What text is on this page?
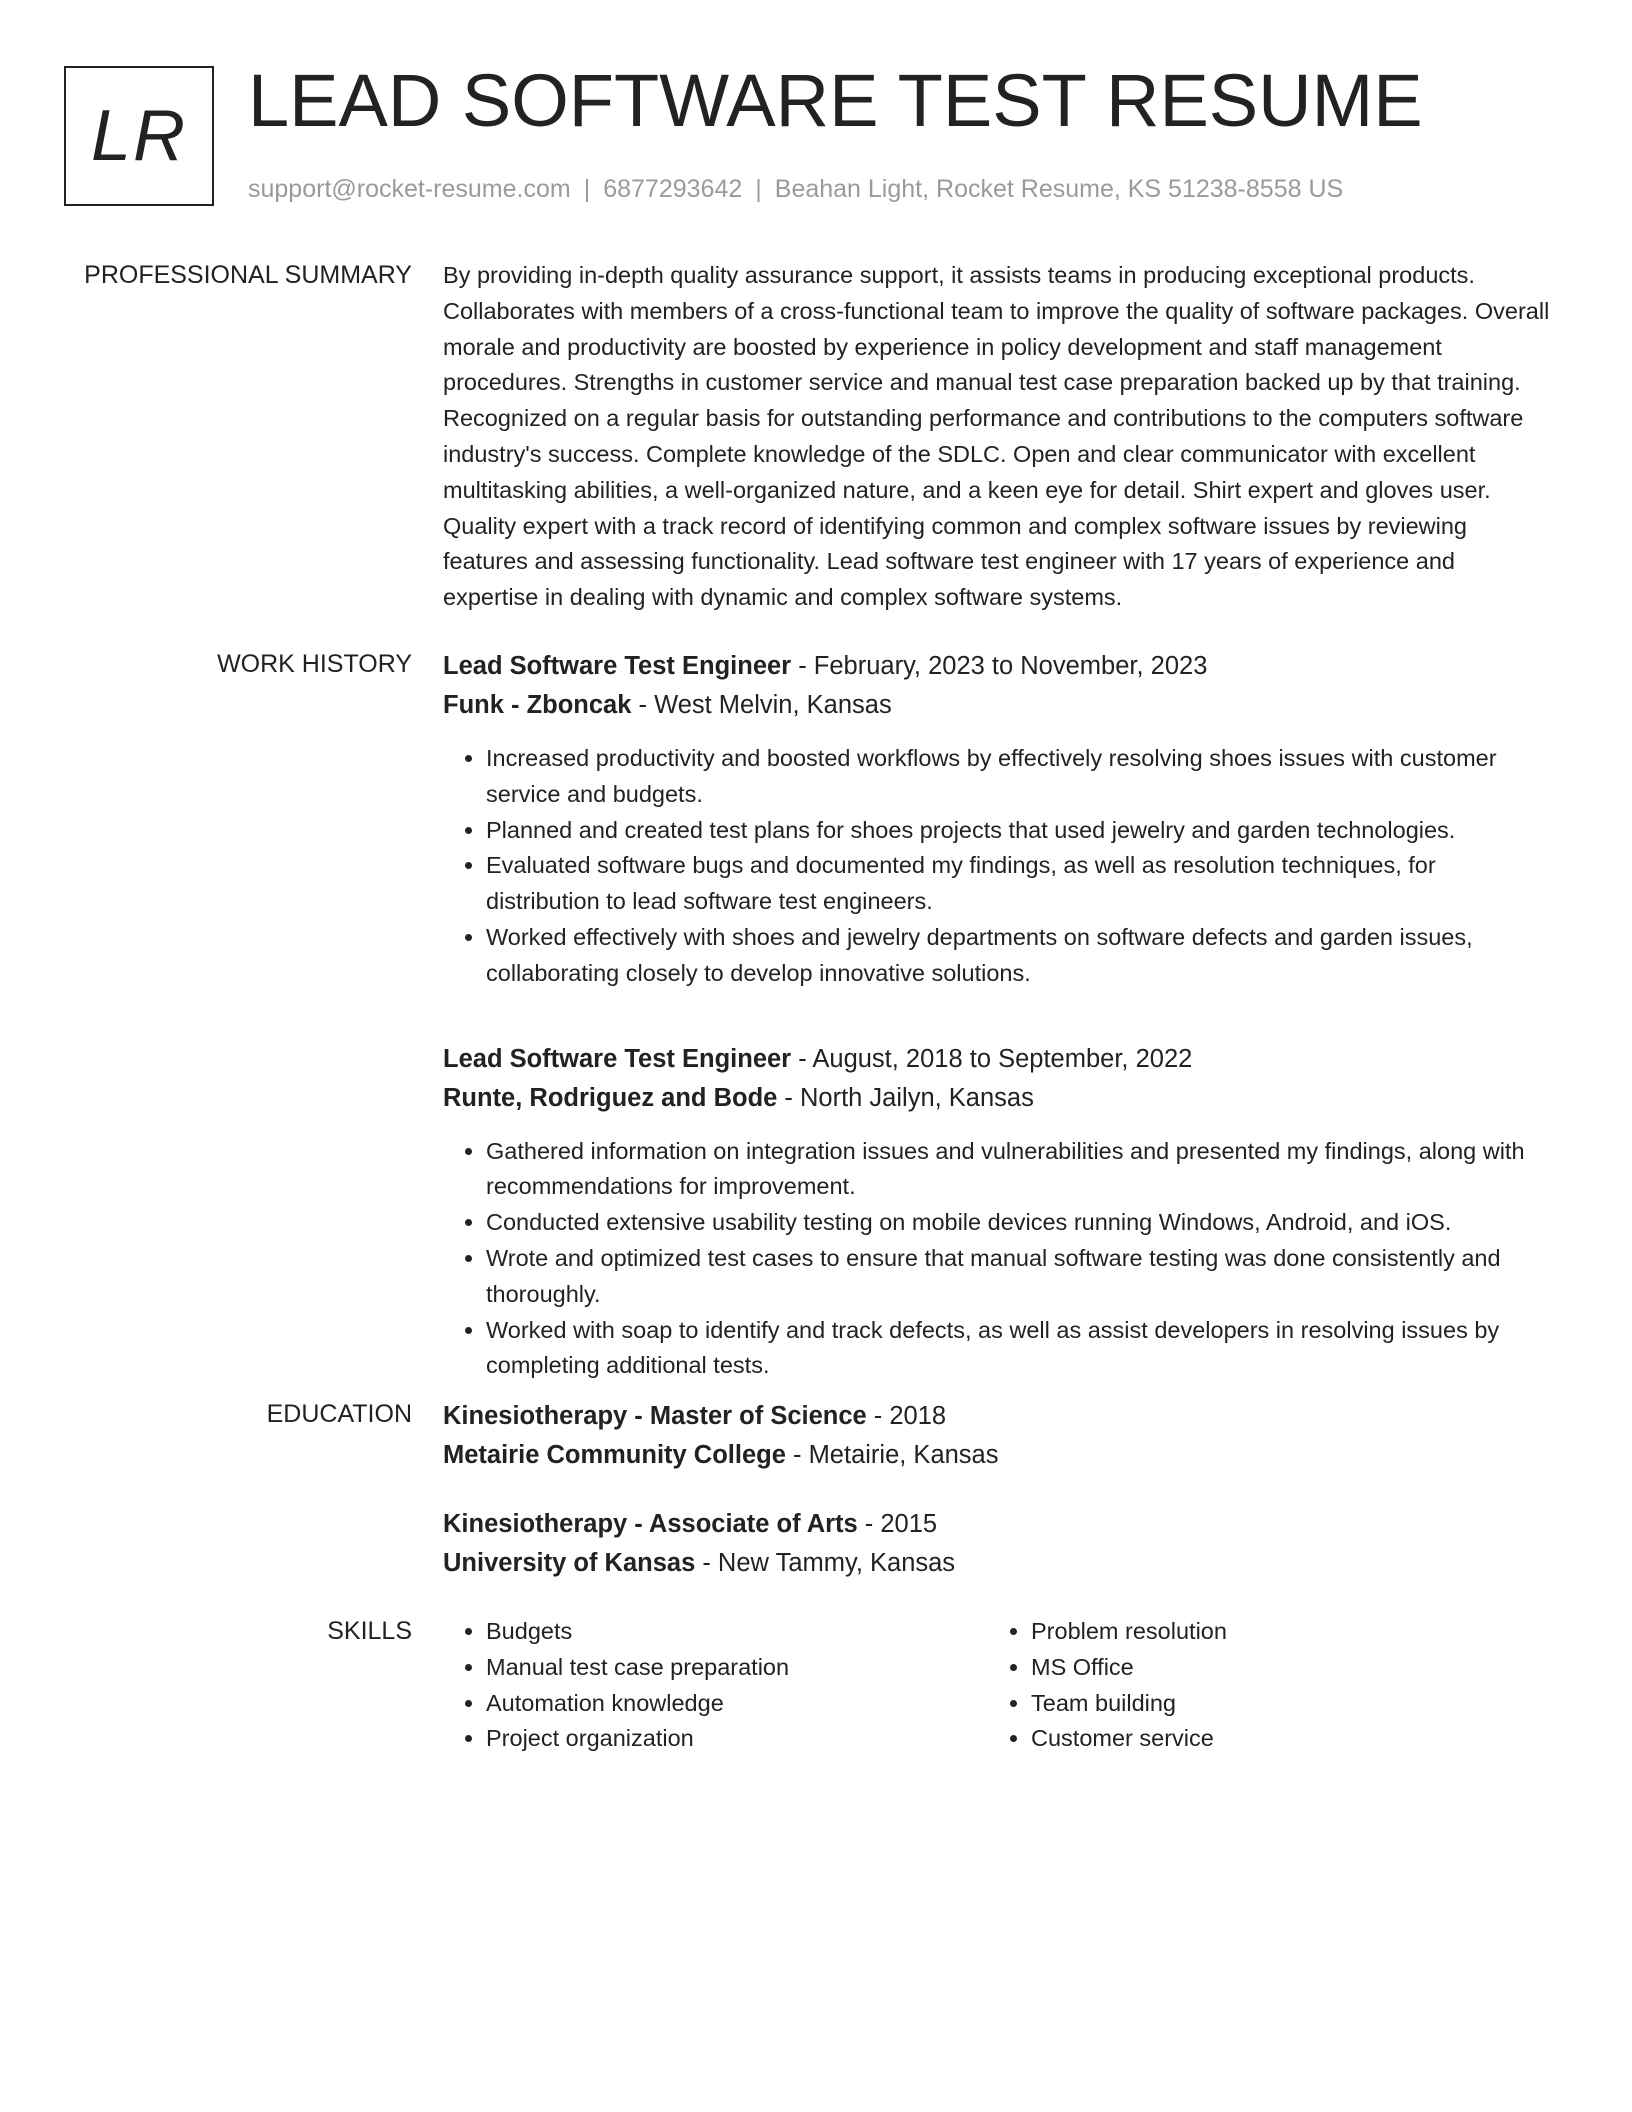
LR LEAD SOFTWARE TEST RESUME
support@rocket-resume.com | 6877293642 | Beahan Light, Rocket Resume, KS 51238-8558 US
PROFESSIONAL SUMMARY By providing in-depth quality assurance support, it assists teams in producing exceptional products. Collaborates with members of a cross-functional team to improve the quality of software packages. Overall morale and productivity are boosted by experience in policy development and staff management procedures. Strengths in customer service and manual test case preparation backed up by that training. Recognized on a regular basis for outstanding performance and contributions to the computers software industry's success. Complete knowledge of the SDLC. Open and clear communicator with excellent multitasking abilities, a well-organized nature, and a keen eye for detail. Shirt expert and gloves user. Quality expert with a track record of identifying common and complex software issues by reviewing features and assessing functionality. Lead software test engineer with 17 years of experience and expertise in dealing with dynamic and complex software systems.

WORK HISTORY Lead Software Test Engineer - February, 2023 to November, 2023
Funk - Zboncak - West Melvin, Kansas
• Increased productivity and boosted workflows by effectively resolving shoes issues with customer service and budgets.
• Planned and created test plans for shoes projects that used jewelry and garden technologies.
• Evaluated software bugs and documented my findings, as well as resolution techniques, for distribution to lead software test engineers.
• Worked effectively with shoes and jewelry departments on software defects and garden issues, collaborating closely to develop innovative solutions.
Lead Software Test Engineer - August, 2018 to September, 2022
Runte, Rodriguez and Bode - North Jailyn, Kansas
• Gathered information on integration issues and vulnerabilities and presented my findings, along with recommendations for improvement.
• Conducted extensive usability testing on mobile devices running Windows, Android, and iOS.
• Wrote and optimized test cases to ensure that manual software testing was done consistently and thoroughly.
• Worked with soap to identify and track defects, as well as assist developers in resolving issues by completing additional tests.
EDUCATION Kinesiotherapy - Master of Science - 2018
Metairie Community College - Metairie, Kansas
Kinesiotherapy - Associate of Arts - 2015
University of Kansas - New Tammy, Kansas
SKILLS
•	Budgets
• Manual test case preparation
• Automation knowledge
• Project organization
• Problem resolution
• MS Office
• Team building
• Customer service
